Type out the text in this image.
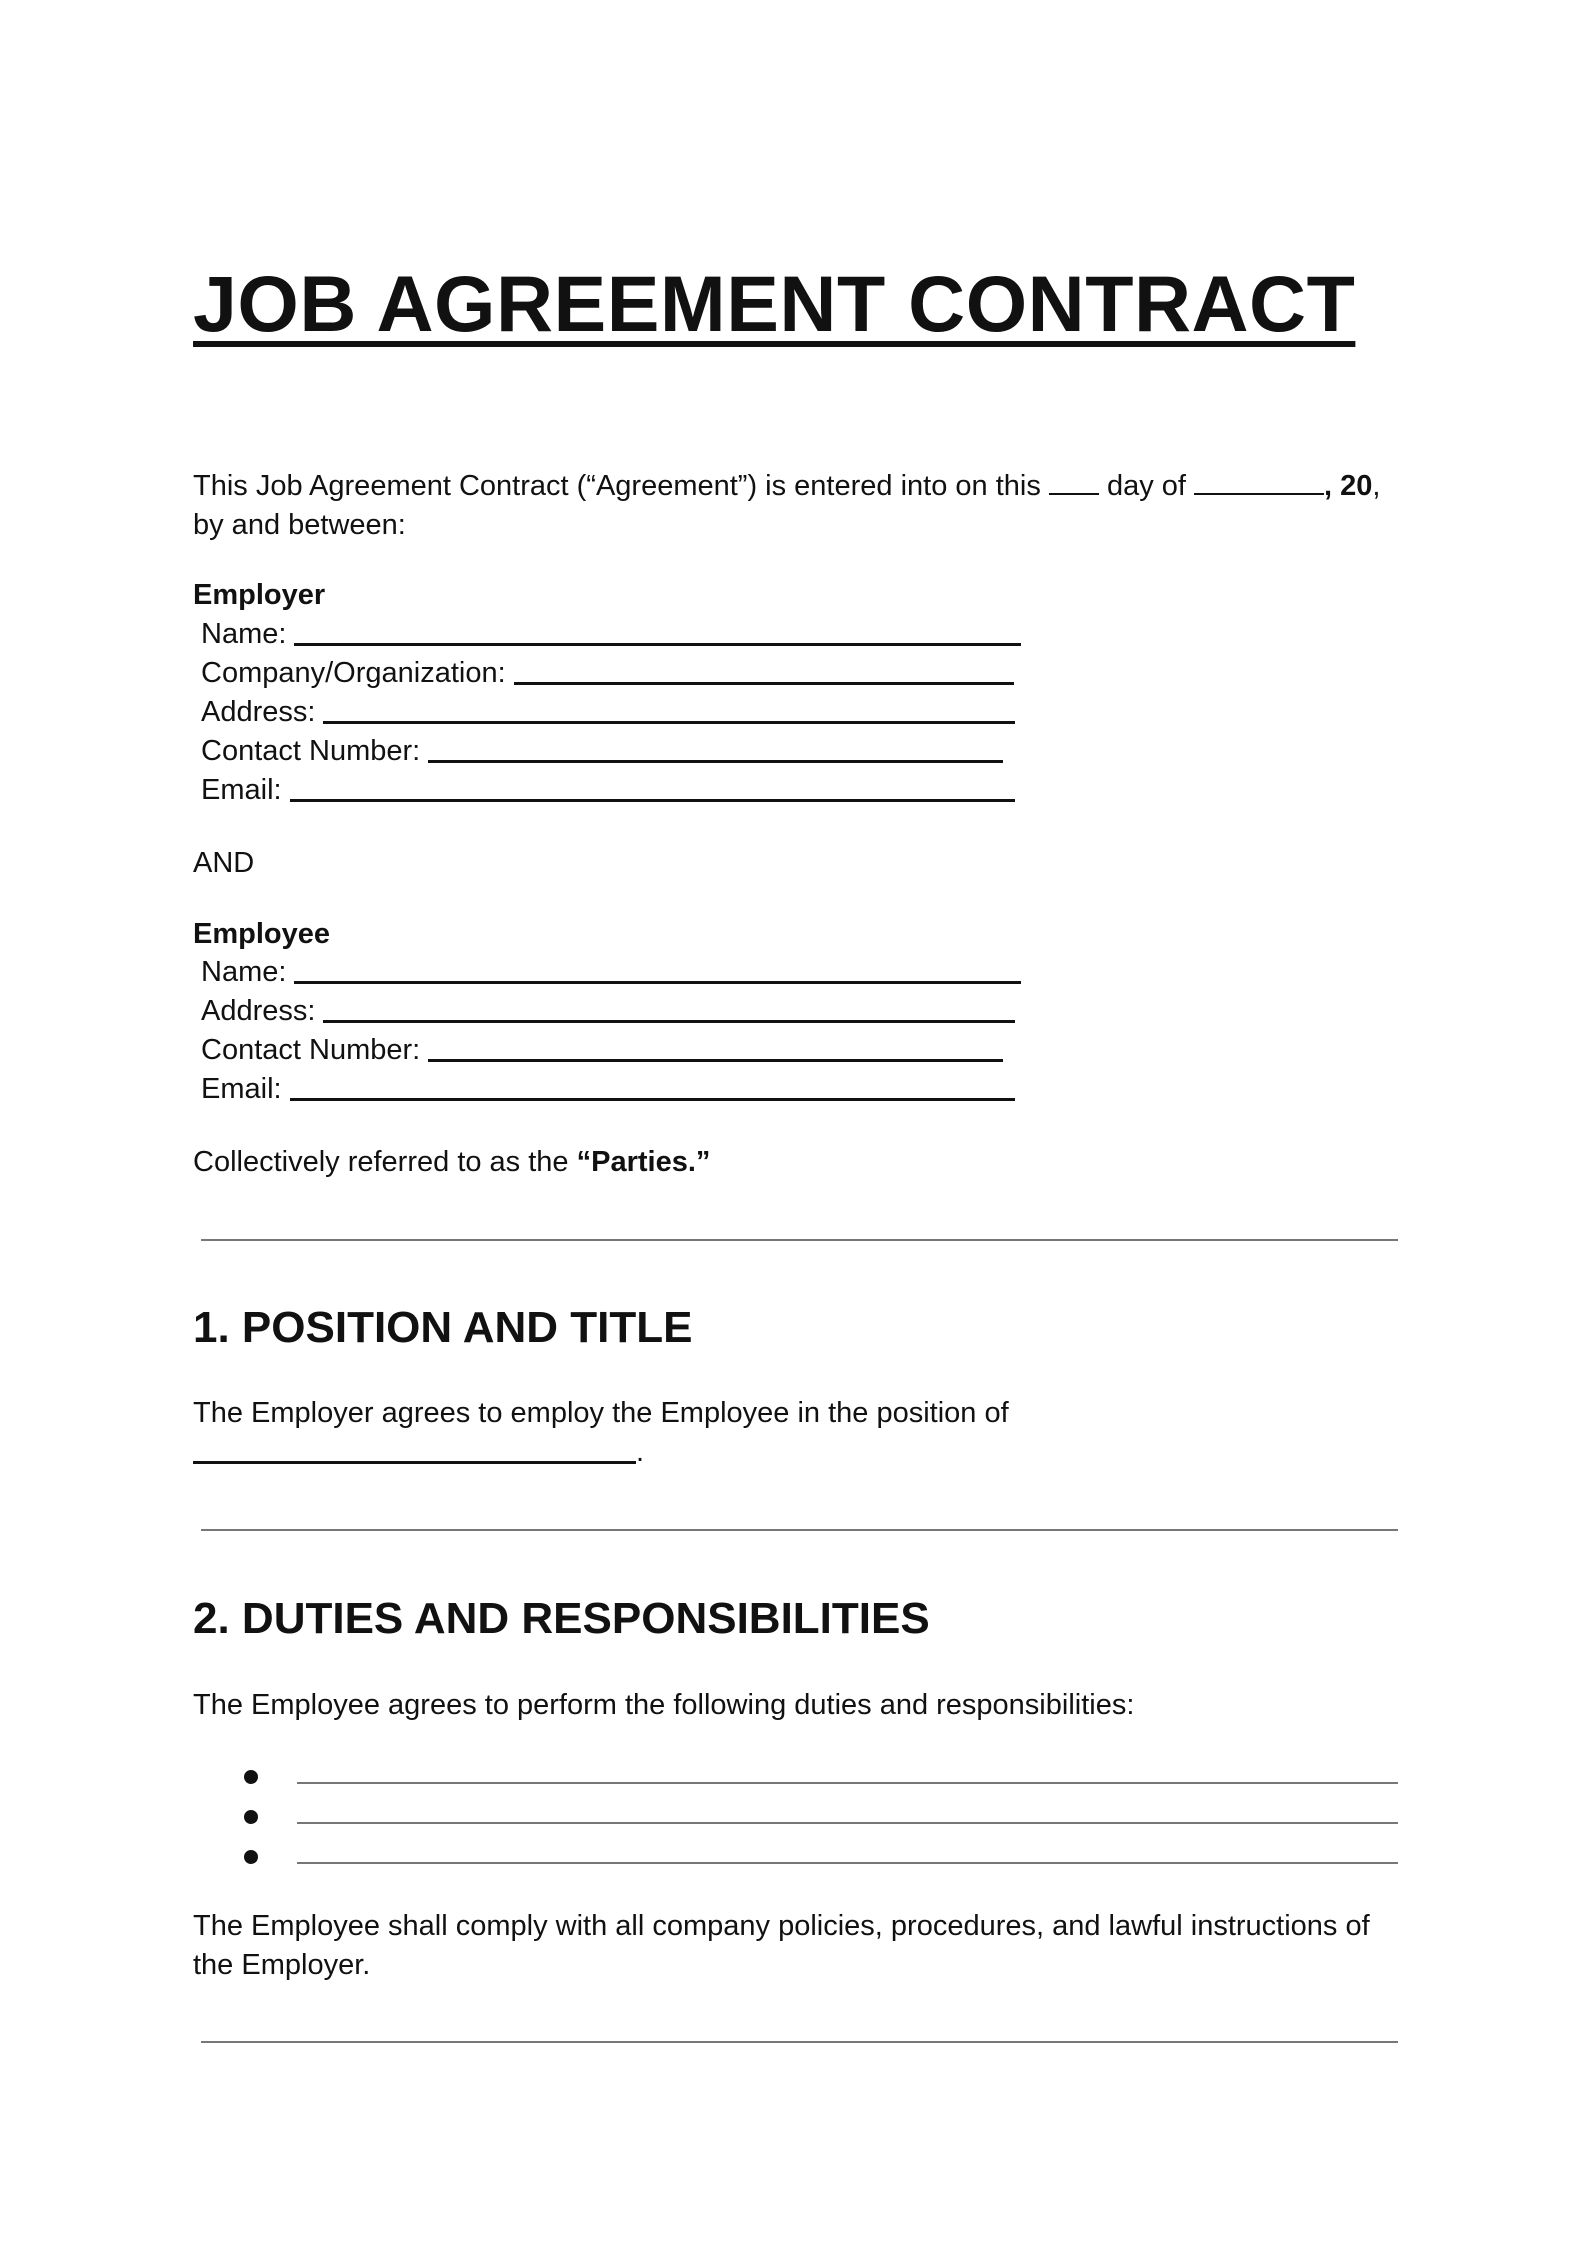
JOB AGREEMENT CONTRACT

This Job Agreement Contract (“Agreement”) is entered into on this  day of	, 20, by and between:

Employer

Name:
Company/Organization:
Address:
Contact Number:
Email:

AND

Employee

Name:
Address:
Contact Number:
Email:

Collectively referred to as the “Parties.”

1. POSITION AND TITLE

The Employer agrees to employ the Employee in the position of

.
2. DUTIES AND RESPONSIBILITIES

The Employee agrees to perform the following duties and responsibilities:

The Employee shall comply with all company policies, procedures, and lawful instructions of the Employer.
